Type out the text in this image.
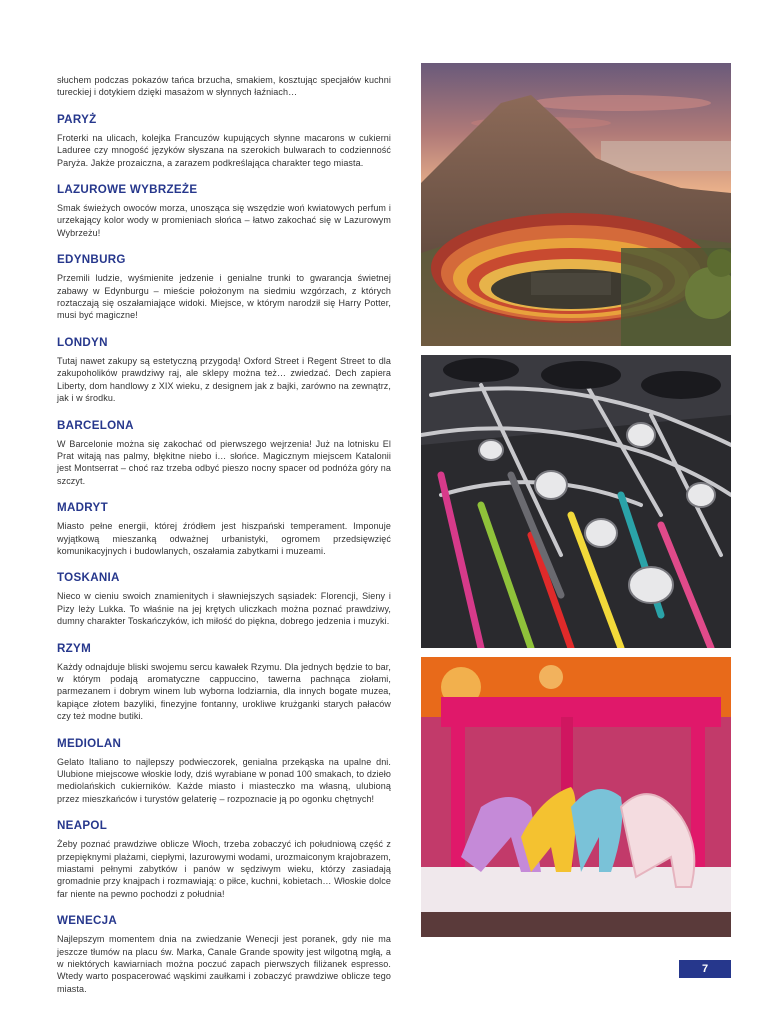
słuchem podczas pokazów tańca brzucha, smakiem, kosztując specjałów kuchni tureckiej i dotykiem dzięki masażom w słynnych łaźniach…

PARYŻ

Froterki na ulicach, kolejka Francuzów kupujących słynne macarons w cukierni Laduree czy mnogość języków słyszana na szerokich bulwarach to codzienność Paryża. Jakże prozaiczna, a zarazem podkreślająca charakter tego miasta.

LAZUROWE WYBRZEŻE

Smak świeżych owoców morza, unosząca się wszędzie woń kwiatowych perfum i urzekający kolor wody w promieniach słońca – łatwo zakochać się w Lazurowym Wybrzeżu!

EDYNBURG

Przemili ludzie, wyśmienite jedzenie i genialne trunki to gwarancja świetnej zabawy w Edynburgu – mieście położonym na siedmiu wzgórzach, z których roztaczają się oszałamiające widoki. Miejsce, w którym narodził się Harry Potter, musi być magiczne!

LONDYN

Tutaj nawet zakupy są estetyczną przygodą! Oxford Street i Regent Street to dla zakupoholików prawdziwy raj, ale sklepy można też… zwiedzać. Dech zapiera Liberty, dom handlowy z XIX wieku, z designem jak z bajki, zarówno na zewnątrz, jak i w środku.

BARCELONA

W Barcelonie można się zakochać od pierwszego wejrzenia! Już na lotnisku El Prat witają nas palmy, błękitne niebo i… słońce. Magicznym miejscem Katalonii jest Montserrat – choć raz trzeba odbyć pieszo nocny spacer od podnóża góry na szczyt.

MADRYT

Miasto pełne energii, której źródłem jest hiszpański temperament. Imponuje wyjątkową mieszanką odważnej urbanistyki, ogromem przedsięwzięć komunikacyjnych i budowlanych, oszałamia zabytkami i muzeami.

TOSKANIA

Nieco w cieniu swoich znamienitych i sławniejszych sąsiadek: Florencji, Sieny i Pizy leży Lukka. To właśnie na jej krętych uliczkach można poznać prawdziwy, dumny charakter Toskańczyków, ich miłość do piękna, dobrego jedzenia i muzyki.

RZYM

Każdy odnajduje bliski swojemu sercu kawałek Rzymu. Dla jednych będzie to bar, w którym podają aromatyczne cappuccino, tawerna pachnąca ziołami, parmezanem i dobrym winem lub wyborna lodziarnia, dla innych bogate muzea, kapiące złotem bazyliki, finezyjne fontanny, urokliwe krużganki starych pałaców czy też modne butiki.

MEDIOLAN

Gelato Italiano to najlepszy podwieczorek, genialna przekąska na upalne dni. Ulubione miejscowe włoskie lody, dziś wyrabiane w ponad 100 smakach, to dzieło mediolańskich cukierników. Każde miasto i miasteczko ma własną, ulubioną przez mieszkańców i turystów gelaterię – rozpoznacie ją po ogonku chętnych!

NEAPOL

Żeby poznać prawdziwe oblicze Włoch, trzeba zobaczyć ich południową część z przepięknymi plażami, ciepłymi, lazurowymi wodami, urozmaiconym krajobrazem, miastami pełnymi zabytków i panów w sędziwym wieku, którzy zasiadają gromadnie przy knajpach i rozmawiają: o piłce, kuchni, kobietach… Włoskie dolce far niente na pewno pochodzi z południa!

WENECJA

Najlepszym momentem dnia na zwiedzanie Wenecji jest poranek, gdy nie ma jeszcze tłumów na placu św. Marka, Canale Grande spowity jest wilgotną mgłą, a w niektórych kawiarniach można poczuć zapach pierwszych filiżanek espresso. Wtedy warto pospacerować wąskimi zaułkami i zobaczyć prawdziwe oblicze tego miasta.

7
